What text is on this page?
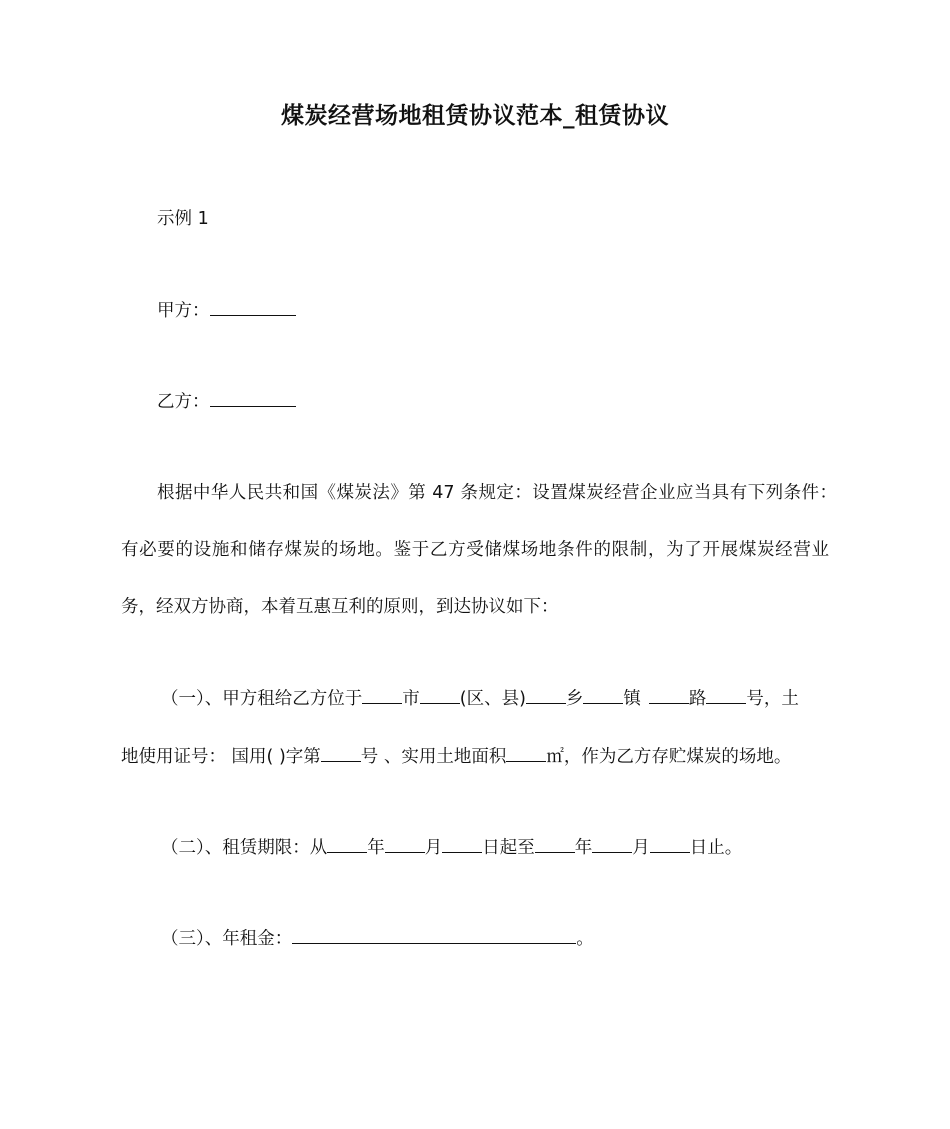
煤炭经营场地租赁协议范本_租赁协议
示例 1
甲方：
乙方：
根据中华人民共和国《煤炭法》第 47 条规定：设置煤炭经营企业应当具有下列条件：
有必要的设施和储存煤炭的场地。鉴于乙方受储煤场地条件的限制，为了开展煤炭经营业
务，经双方协商，本着互惠互利的原则，到达协议如下：
（一）、甲方租给乙方位于 市 (区、县) 乡 镇	路 号，土
地使用证号： 国用( )字第 号 、实用土地面积 ㎡，作为乙方存贮煤炭的场地。
（二）、租赁期限：从 年 月 日起至 年 月 日止。
（三）、年租金：	。
